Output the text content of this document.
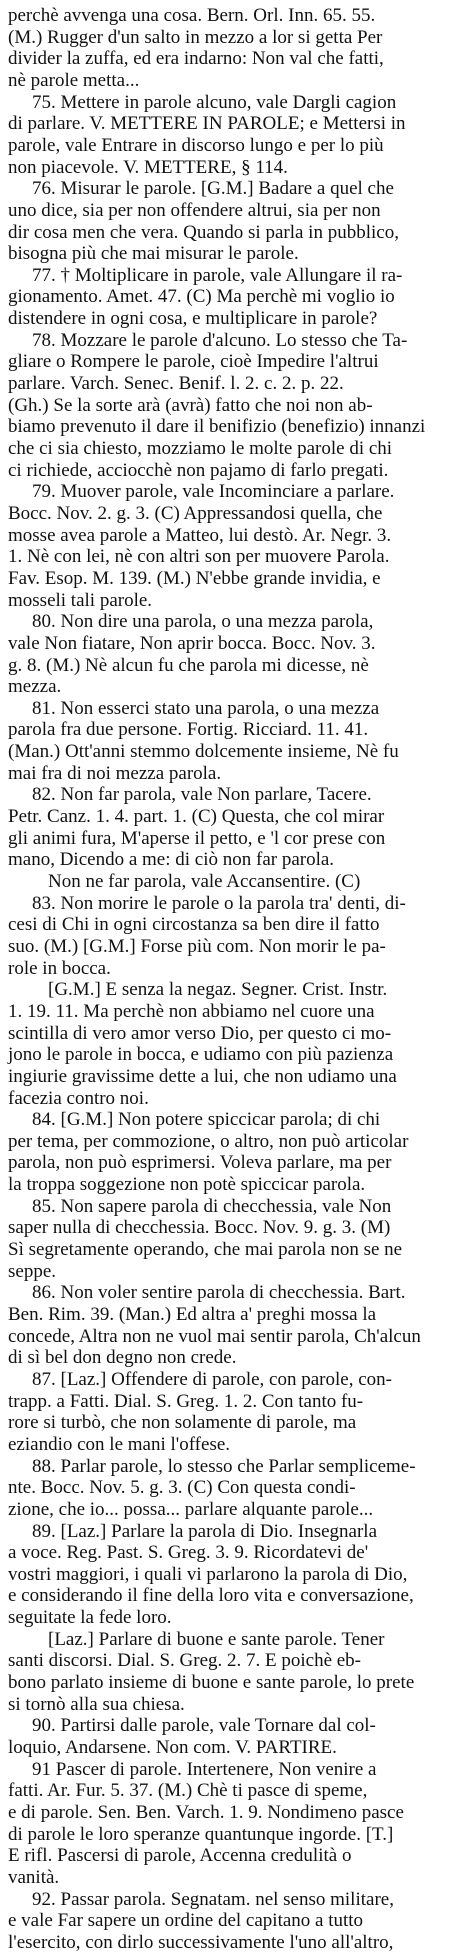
perchè avvenga una cosa. Bern. Orl. Inn. 65. 55.
(M.) Rugger d'un salto in mezzo a lor si getta Per
divider la zuffa, ed era indarno: Non val che fatti,
nè parole metta...
75. Mettere in parole alcuno, vale Dargli cagion
di parlare. V. METTERE IN PAROLE; e Mettersi in
parole, vale Entrare in discorso lungo e per lo più
non piacevole. V. METTERE, § 114.
76. Misurar le parole. [G.M.] Badare a quel che
uno dice, sia per non offendere altrui, sia per non
dir cosa men che vera. Quando si parla in pubblico,
bisogna più che mai misurar le parole.
77. † Moltiplicare in parole, vale Allungare il ra-
gionamento. Amet. 47. (C) Ma perchè mi voglio io
distendere in ogni cosa, e multiplicare in parole?
78. Mozzare le parole d'alcuno. Lo stesso che Ta-
gliare o Rompere le parole, cioè Impedire l'altrui
parlare. Varch. Senec. Benif. l. 2. c. 2. p. 22.
(Gh.) Se la sorte arà (avrà) fatto che noi non ab-
biamo prevenuto il dare il benifizio (benefizio) innanzi
che ci sia chiesto, mozziamo le molte parole di chi
ci richiede, acciocchè non pajamo di farlo pregati.
79. Muover parole, vale Incominciare a parlare.
Bocc. Nov. 2. g. 3. (C) Appressandosi quella, che
mosse avea parole a Matteo, lui destò. Ar. Negr. 3.
1. Nè con lei, nè con altri son per muovere Parola.
Fav. Esop. M. 139. (M.) N'ebbe grande invidia, e
mosseli tali parole.
80. Non dire una parola, o una mezza parola,
vale Non fiatare, Non aprir bocca. Bocc. Nov. 3.
g. 8. (M.) Nè alcun fu che parola mi dicesse, nè
mezza.
81. Non esserci stato una parola, o una mezza
parola fra due persone. Fortig. Ricciard. 11. 41.
(Man.) Ott'anni stemmo dolcemente insieme, Nè fu
mai fra di noi mezza parola.
82. Non far parola, vale Non parlare, Tacere.
Petr. Canz. 1. 4. part. 1. (C) Questa, che col mirar
gli animi fura, M'aperse il petto, e 'l cor prese con
mano, Dicendo a me: di ciò non far parola.
Non ne far parola, vale Accansentire. (C)
83. Non morire le parole o la parola tra' denti, di-
cesi di Chi in ogni circostanza sa ben dire il fatto
suo. (M.) [G.M.] Forse più com. Non morir le pa-
role in bocca.
[G.M.] E senza la negaz. Segner. Crist. Instr.
1. 19. 11. Ma perchè non abbiamo nel cuore una
scintilla di vero amor verso Dio, per questo ci mo-
jono le parole in bocca, e udiamo con più pazienza
ingiurie gravissime dette a lui, che non udiamo una
facezia contro noi.
84. [G.M.] Non potere spiccicar parola; di chi
per tema, per commozione, o altro, non può articolar
parola, non può esprimersi. Voleva parlare, ma per
la troppa soggezione non potè spiccicar parola.
85. Non sapere parola di checchessia, vale Non
saper nulla di checchessia. Bocc. Nov. 9. g. 3. (M)
Sì segretamente operando, che mai parola non se ne
seppe.
86. Non voler sentire parola di checchessia. Bart.
Ben. Rim. 39. (Man.) Ed altra a' preghi mossa la
concede, Altra non ne vuol mai sentir parola, Ch'alcun
di sì bel don degno non crede.
87. [Laz.] Offendere di parole, con parole, con-
trapp. a Fatti. Dial. S. Greg. 1. 2. Con tanto fu-
rore si turbò, che non solamente di parole, ma
eziandio con le mani l'offese.
88. Parlar parole, lo stesso che Parlar sempliceme-
nte. Bocc. Nov. 5. g. 3. (C) Con questa condi-
zione, che io... possa... parlare alquante parole...
89. [Laz.] Parlare la parola di Dio. Insegnarla
a voce. Reg. Past. S. Greg. 3. 9. Ricordatevi de'
vostri maggiori, i quali vi parlarono la parola di Dio,
e considerando il fine della loro vita e conversazione,
seguitate la fede loro.
[Laz.] Parlare di buone e sante parole. Tener
santi discorsi. Dial. S. Greg. 2. 7. E poichè eb-
bono parlato insieme di buone e sante parole, lo prete
si tornò alla sua chiesa.
90. Partirsi dalle parole, vale Tornare dal col-
loquio, Andarsene. Non com. V. PARTIRE.
91 Pascer di parole. Intertenere, Non venire a
fatti. Ar. Fur. 5. 37. (M.) Chè ti pasce di speme,
e di parole. Sen. Ben. Varch. 1. 9. Nondimeno pasce
di parole le loro speranze quantunque ingorde. [T.]
E rifl. Pascersi di parole, Accenna credulità o
vanità.
92. Passar parola. Segnatam. nel senso militare,
e vale Far sapere un ordine del capitano a tutto
l'esercito, con dirlo successivamente l'uno all'altro,
